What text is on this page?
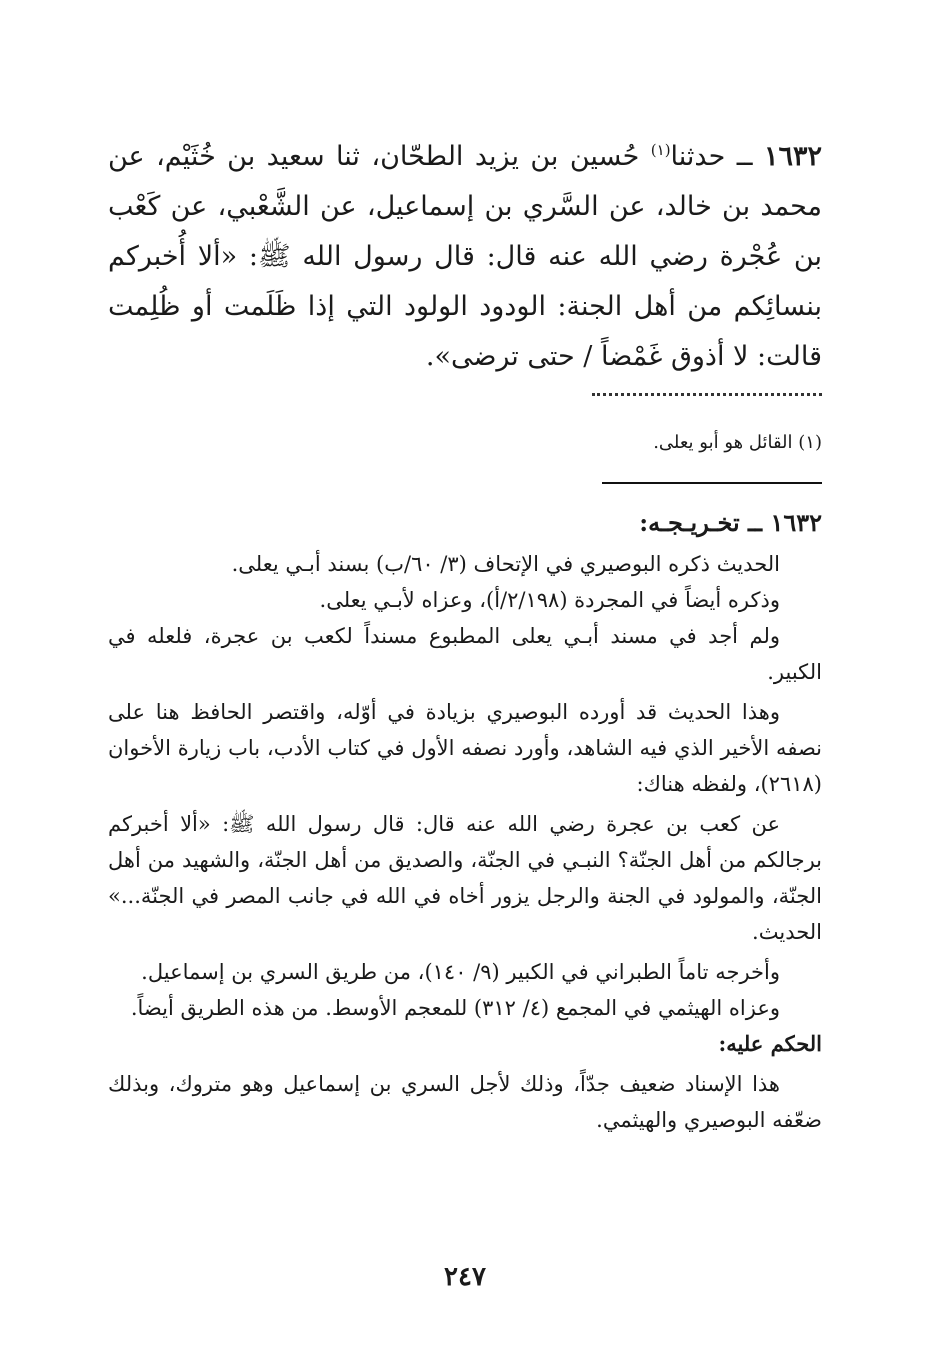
١٦٣٢ ــ حدثنا$^{(١)}$ حُسين بن يزيد الطحّان، ثنا سعيد بن خُثَيْم، عن محمد بن خالد، عن السَّري بن إسماعيل، عن الشَّعْبي، عن كَعْب بن عُجْرة رضي الله عنه قال: قال رسول الله ﷺ: «ألا أُخبركم بنسائِكم من أهل الجنة: الودود الولود التي إذا ظَلَمت أو ظُلِمت قالت: لا أذوق غَمْضاً / حتى ترضى».
(١) القائل هو أبو يعلى.
١٦٣٢ ــ تخـريـجـه:

الحديث ذكره البوصيري في الإتحاف (٣/ ٦٠/ب) بسند أبـي يعلى.

وذكره أيضاً في المجردة (٢/١٩٨/أ)، وعزاه لأبـي يعلى.

ولم أجد في مسند أبـي يعلى المطبوع مسنداً لكعب بن عجرة، فلعله في الكبير.

وهذا الحديث قد أورده البوصيري بزيادة في أوّله، واقتصر الحافظ هنا على نصفه الأخير الذي فيه الشاهد، وأورد نصفه الأول في كتاب الأدب، باب زيارة الأخوان (٢٦١٨)، ولفظه هناك:

عن كعب بن عجرة رضي الله عنه قال: قال رسول الله ﷺ: «ألا أخبركم برجالكم من أهل الجنّة؟ النبـي في الجنّة، والصديق من أهل الجنّة، والشهيد من أهل الجنّة، والمولود في الجنة والرجل يزور أخاه في الله في جانب المصر في الجنّة...» الحديث.

وأخرجه تاماً الطبراني في الكبير (٩/ ١٤٠)، من طريق السري بن إسماعيل.

وعزاه الهيثمي في المجمع (٤/ ٣١٢) للمعجم الأوسط. من هذه الطريق أيضاً.

الحكم عليه:

هذا الإسناد ضعيف جدّاً، وذلك لأجل السري بن إسماعيل وهو متروك، وبذلك ضعّفه البوصيري والهيثمي.

٢٤٧
